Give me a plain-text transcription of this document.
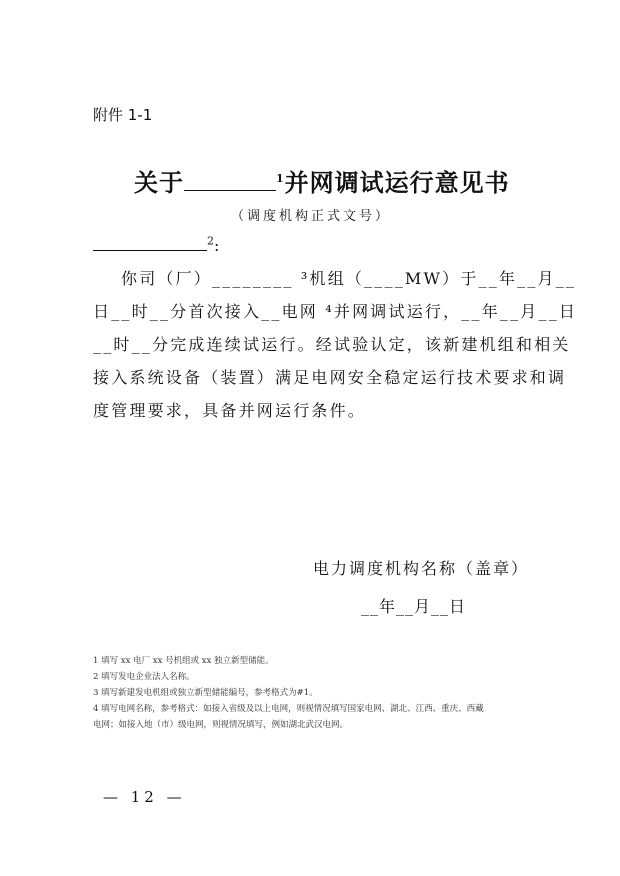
附件 1-1
关于	$^1$并网调试运行意见书
（调度机构正式文号）
$^2$:
你司（厂）________ ³机组（____MW）于__年__月__
日__时__分首次接入__电网 ⁴并网调试运行，__年__月__日
__时__分完成连续试运行。经试验认定，该新建机组和相关
接入系统设备（装置）满足电网安全稳定运行技术要求和调
度管理要求，具备并网运行条件。
电力调度机构名称（盖章）
__年__月__日
1 填写 xx 电厂 xx 号机组或 xx 独立新型储能。
2 填写发电企业法人名称。
3 填写新建发电机组或独立新型储能编号，参考格式为#1。
4 填写电网名称，参考格式：如接入省级及以上电网，则视情况填写国家电网、湖北、江西、重庆、西藏
电网；如接入地（市）级电网，则视情况填写，例如湖北武汉电网。
— 12 —
